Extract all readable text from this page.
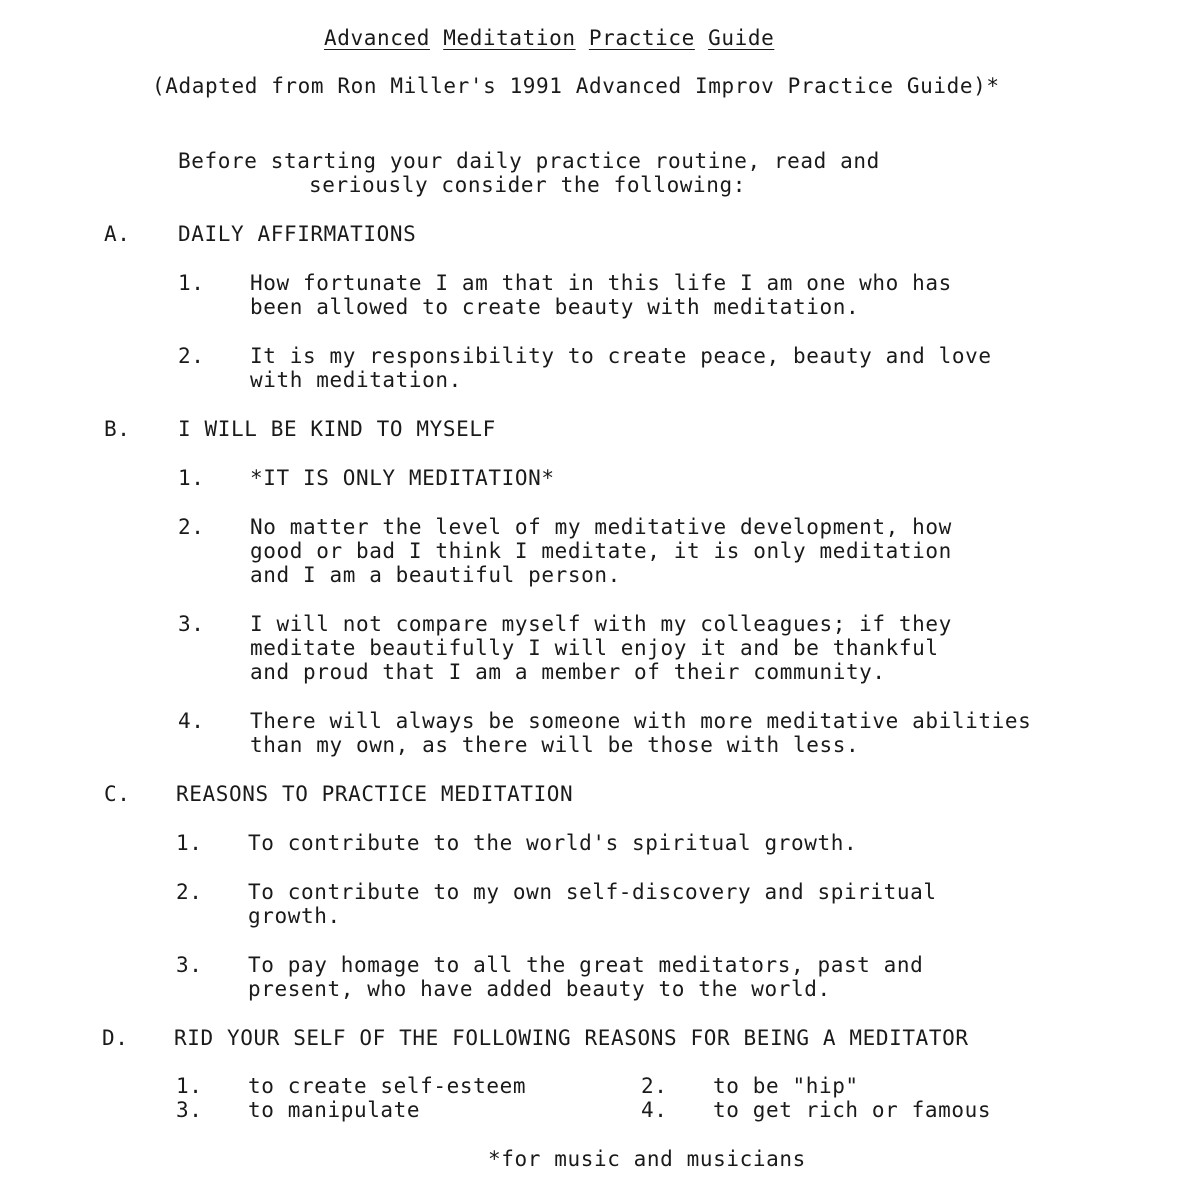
Advanced Meditation Practice Guide
(Adapted from Ron Miller's 1991 Advanced Improv Practice Guide)*
Before starting your daily practice routine, read and
seriously consider the following:
A. DAILY AFFIRMATIONS
1. How fortunate I am that in this life I am one who has
been allowed to create beauty with meditation.
2. It is my responsibility to create peace, beauty and love
with meditation.
B. I WILL BE KIND TO MYSELF
1. *IT IS ONLY MEDITATION*
2. No matter the level of my meditative development, how
good or bad I think I meditate, it is only meditation
and I am a beautiful person.
3. I will not compare myself with my colleagues; if they
meditate beautifully I will enjoy it and be thankful
and proud that I am a member of their community.
4. There will always be someone with more meditative abilities
than my own, as there will be those with less.
C. REASONS TO PRACTICE MEDITATION
1. To contribute to the world's spiritual growth.
2. To contribute to my own self-discovery and spiritual
growth.
3. To pay homage to all the great meditators, past and
present, who have added beauty to the world.
D. RID YOUR SELF OF THE FOLLOWING REASONS FOR BEING A MEDITATOR
1. to create self-esteem	2. to be "hip"
3. to manipulate	4. to get rich or famous
*for music and musicians
